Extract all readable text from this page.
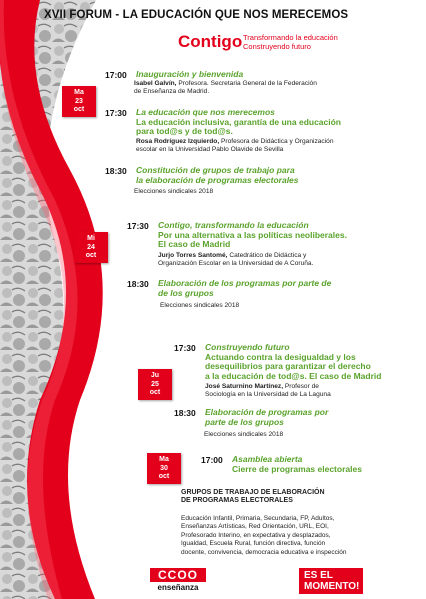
XVII FORUM - LA EDUCACIÓN QUE NOS MERECEMOS
Contigo Transformando la educación
Construyendo futuro
Ma
23
oct
17:00	Inauguración y bienvenida
Isabel Galvín, Profesora. Secretaria General de la Federación
de Enseñanza de Madrid.
17:30	La educación que nos merecemos
La educación inclusiva, garantía de una educación
para tod@s y de tod@s.
Rosa Rodríguez Izquierdo, Profesora de Didáctica y Organización
escolar en la Universidad Pablo Olavide de Sevilla
18:30	Constitución de grupos de trabajo para
la elaboración de programas electorales
Elecciones sindicales 2018
Mi
24
oct
17:30	Contigo, transformando la educación
Por una alternativa a las políticas neoliberales.
El caso de Madrid
Jurjo Torres Santomé, Catedrático de Didáctica y
Organización Escolar en la Universidad de A Coruña.
18:30	Elaboración de los programas por parte de
de los grupos
Elecciones sindicales 2018
Ju
25
oct
17:30	Construyendo futuro
Actuando contra la desigualdad y los
desequilibrios para garantizar el derecho
a la educación de tod@s. El caso de Madrid
José Saturnino Martínez, Profesor de
Sociología en la Universidad de La Laguna
18:30	Elaboración de programas por
parte de los grupos
Elecciones sindicales 2018
Ma
30
oct
17:00	Asamblea abierta
Cierre de programas electorales
GRUPOS DE TRABAJO DE ELABORACIÓN
DE PROGRAMAS ELECTORALES
Educación Infantil, Primaria, Secundaria, FP, Adultos,
Enseñanzas Artísticas, Red Orientación, URL, EOI,
Profesorado Interino, en expectativa y desplazados,
Igualdad, Escuela Rural, función directiva, función
docente, convivencia, democracia educativa e inspección
CCOO
enseñanza
ES EL
MOMENTO!
